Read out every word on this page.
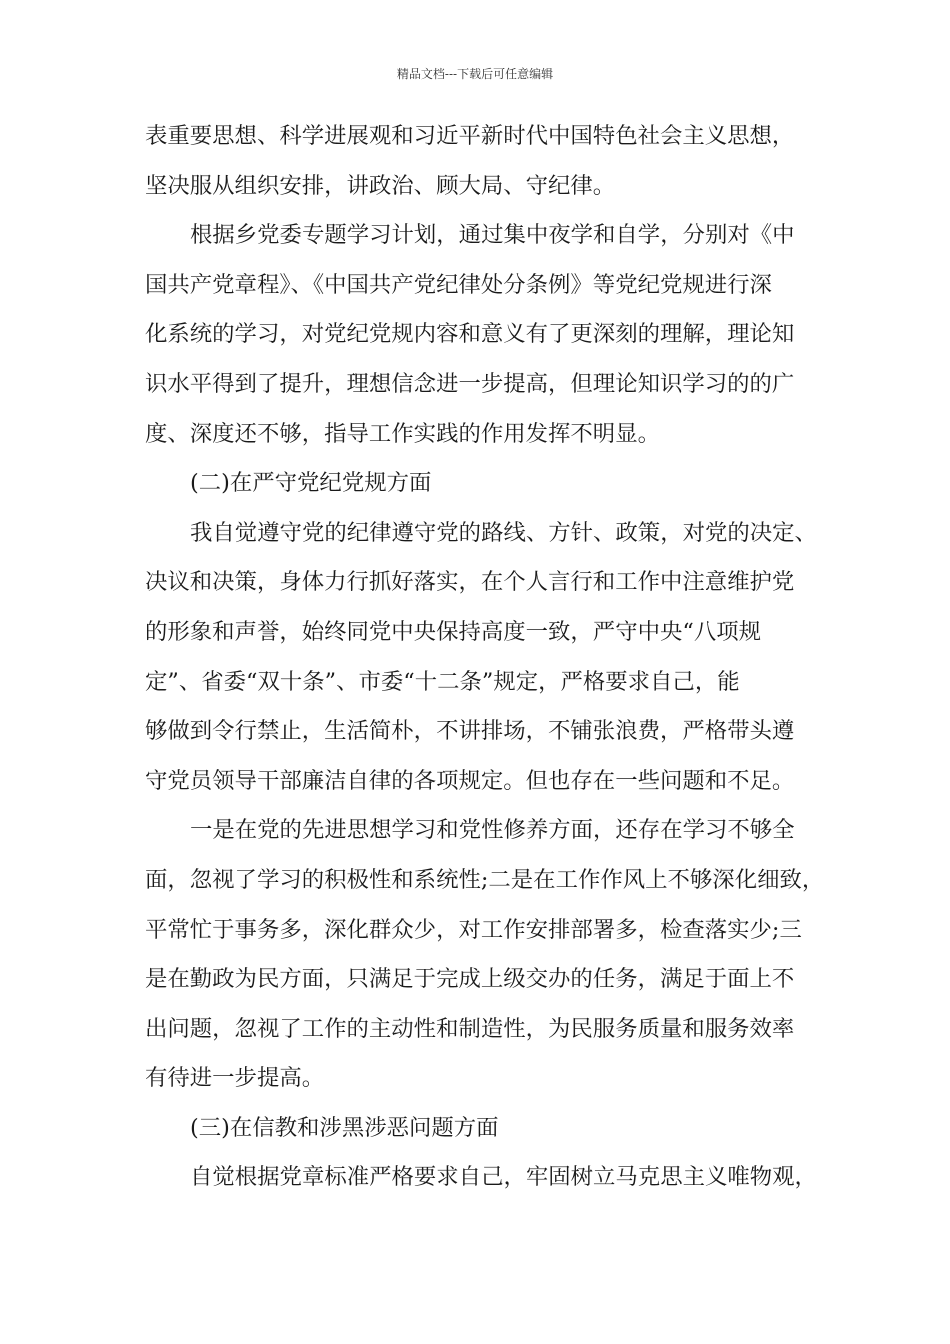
精品文档---下载后可任意编辑
表重要思想、科学进展观和习近平新时代中国特色社会主义思想，
坚决服从组织安排，讲政治、顾大局、守纪律。
根据乡党委专题学习计划，通过集中夜学和自学，分别对《中
国共产党章程》、《中国共产党纪律处分条例》等党纪党规进行深
化系统的学习，对党纪党规内容和意义有了更深刻的理解，理论知
识水平得到了提升，理想信念进一步提高，但理论知识学习的的广
度、深度还不够，指导工作实践的作用发挥不明显。
(二)在严守党纪党规方面
我自觉遵守党的纪律遵守党的路线、方针、政策，对党的决定、
决议和决策，身体力行抓好落实，在个人言行和工作中注意维护党
的形象和声誉，始终同党中央保持高度一致，严守中央“八项规
定”、省委“双十条”、市委“十二条”规定，严格要求自己，能
够做到令行禁止，生活简朴，不讲排场，不铺张浪费，严格带头遵
守党员领导干部廉洁自律的各项规定。但也存在一些问题和不足。
一是在党的先进思想学习和党性修养方面，还存在学习不够全
面，忽视了学习的积极性和系统性;二是在工作作风上不够深化细致，
平常忙于事务多，深化群众少，对工作安排部署多，检查落实少;三
是在勤政为民方面，只满足于完成上级交办的任务，满足于面上不
出问题，忽视了工作的主动性和制造性，为民服务质量和服务效率
有待进一步提高。
(三)在信教和涉黑涉恶问题方面
自觉根据党章标准严格要求自己，牢固树立马克思主义唯物观，
